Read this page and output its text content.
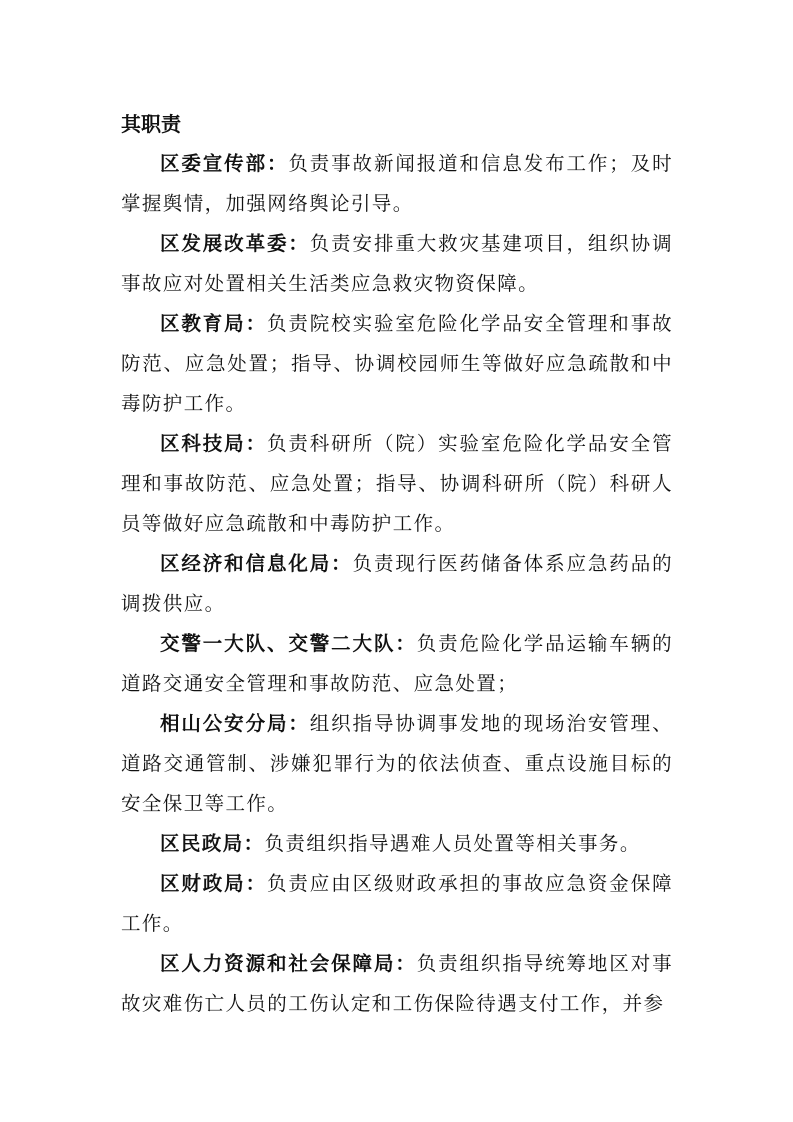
其职责

区委宣传部：负责事故新闻报道和信息发布工作；及时掌握舆情，加强网络舆论引导。

区发展改革委：负责安排重大救灾基建项目，组织协调事故应对处置相关生活类应急救灾物资保障。

区教育局：负责院校实验室危险化学品安全管理和事故防范、应急处置；指导、协调校园师生等做好应急疏散和中毒防护工作。

区科技局：负责科研所（院）实验室危险化学品安全管理和事故防范、应急处置；指导、协调科研所（院）科研人员等做好应急疏散和中毒防护工作。

区经济和信息化局：负责现行医药储备体系应急药品的调拨供应。

交警一大队、交警二大队：负责危险化学品运输车辆的道路交通安全管理和事故防范、应急处置；

相山公安分局：组织指导协调事发地的现场治安管理、道路交通管制、涉嫌犯罪行为的依法侦查、重点设施目标的安全保卫等工作。

区民政局：负责组织指导遇难人员处置等相关事务。

区财政局：负责应由区级财政承担的事故应急资金保障工作。

区人力资源和社会保障局：负责组织指导统筹地区对事故灾难伤亡人员的工伤认定和工伤保险待遇支付工作，并参
